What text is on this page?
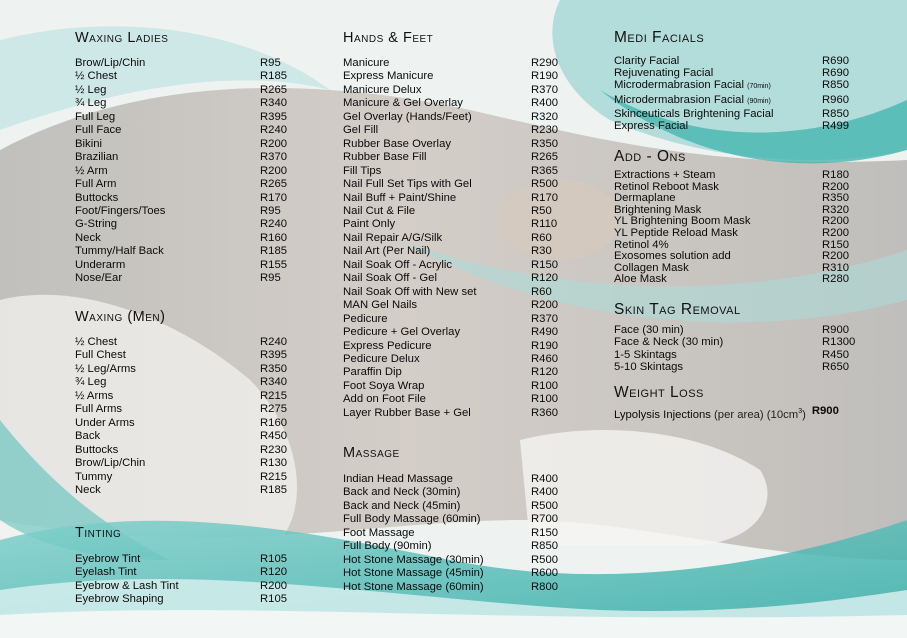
Waxing Ladies
Brow/Lip/Chin	R95
½ Chest	R185
½ Leg	R265
¾ Leg	R340
Full Leg	R395
Full Face	R240
Bikini	R200
Brazilian	R370
½ Arm	R200
Full Arm	R265
Buttocks	R170
Foot/Fingers/Toes	R95
G-String	R240
Neck	R160
Tummy/Half Back	R185
Underarm	R155
Nose/Ear	R95
Waxing (Men)
½ Chest	R240
Full Chest	R395
½ Leg/Arms	R350
¾ Leg	R340
½ Arms	R215
Full Arms	R275
Under Arms	R160
Back	R450
Buttocks	R230
Brow/Lip/Chin	R130
Tummy	R215
Neck	R185
Tinting
Eyebrow Tint	R105
Eyelash Tint	R120
Eyebrow & Lash Tint	R200
Eyebrow Shaping	R105
Hands & Feet
Manicure	R290
Express Manicure	R190
Manicure Delux	R370
Manicure & Gel Overlay	R400
Gel Overlay (Hands/Feet)	R320
Gel Fill	R230
Rubber Base Overlay	R350
Rubber Base Fill	R265
Fill Tips	R365
Nail Full Set Tips with Gel	R500
Nail Buff + Paint/Shine	R170
Nail Cut & File	R50
Paint Only	R110
Nail Repair A/G/Silk	R60
Nail Art (Per Nail)	R30
Nail Soak Off - Acrylic	R150
Nail Soak Off - Gel	R120
Nail Soak Off with New set	R60
MAN Gel Nails	R200
Pedicure	R370
Pedicure + Gel Overlay	R490
Express Pedicure	R190
Pedicure Delux	R460
Paraffin Dip	R120
Foot Soya Wrap	R100
Add on Foot File	R100
Layer Rubber Base + Gel	R360
Massage
Indian Head Massage	R400
Back and Neck (30min)	R400
Back and Neck (45min)	R500
Full Body Massage (60min)	R700
Foot Massage	R150
Full Body (90min)	R850
Hot Stone Massage (30min)	R500
Hot Stone Massage (45min)	R600
Hot Stone Massage (60min)	R800
Medi Facials
Clarity Facial	R690
Rejuvenating Facial	R690
Microdermabrasion Facial (70min)	R850
Microdermabrasion Facial (90min)	R960
Skinceuticals Brightening Facial	R850
Express Facial	R499
Add - Ons
Extractions + Steam	R180
Retinol Reboot Mask	R200
Dermaplane	R350
Brightening Mask	R320
YL Brightening Boom Mask	R200
YL Peptide Reload Mask	R200
Retinol 4%	R150
Exosomes solution add	R200
Collagen Mask	R310
Aloe Mask	R280
Skin Tag Removal
Face (30 min)	R900
Face & Neck (30 min)	R1300
1-5 Skintags	R450
5-10 Skintags	R650
Weight Loss
Lypolysis Injections (per area) $(10cm^3)$ R900
